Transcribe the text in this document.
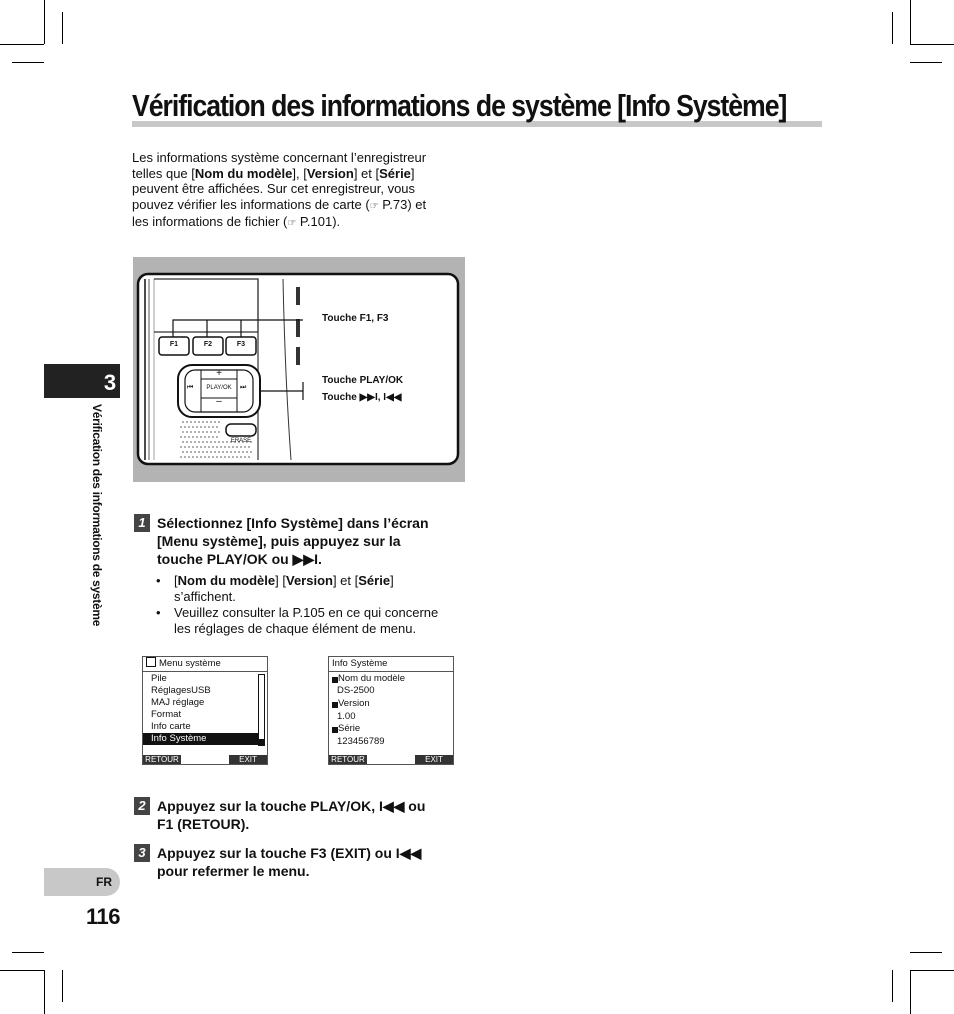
Vérification des informations de système [Info Système]
Les informations système concernant l’enregistreur
telles que [Nom du modèle], [Version] et [Série]
peuvent être affichées. Sur cet enregistreur, vous
pouvez vérifier les informations de carte (☞ P.73) et
les informations de fichier (☞ P.101).
3
Vérification des informations de système
FR
116
F1	F2	F3
+
PLAY/OK
–
⏮	⏭
ERASE
Touche F1, F3
Touche PLAY/OK
Touche ▶▶I, I◀◀
1 Sélectionnez [Info Système] dans l’écran
[Menu système], puis appuyez sur la
touche PLAY/OK ou ▶▶I.
• [Nom du modèle] [Version] et [Série]
s’affichent.
• Veuillez consulter la P.105 en ce qui concerne
les réglages de chaque élément de menu.
Menu système
Pile
RéglagesUSB
MAJ réglage
Format
Info carte
Info Système
RETOUR	EXIT
Info Système
Nom du modèle
DS-2500
Version
1.00
Série
123456789
RETOUR	EXIT
2 Appuyez sur la touche PLAY/OK, I◀◀ ou
F1 (RETOUR).
3 Appuyez sur la touche F3 (EXIT) ou I◀◀
pour refermer le menu.
